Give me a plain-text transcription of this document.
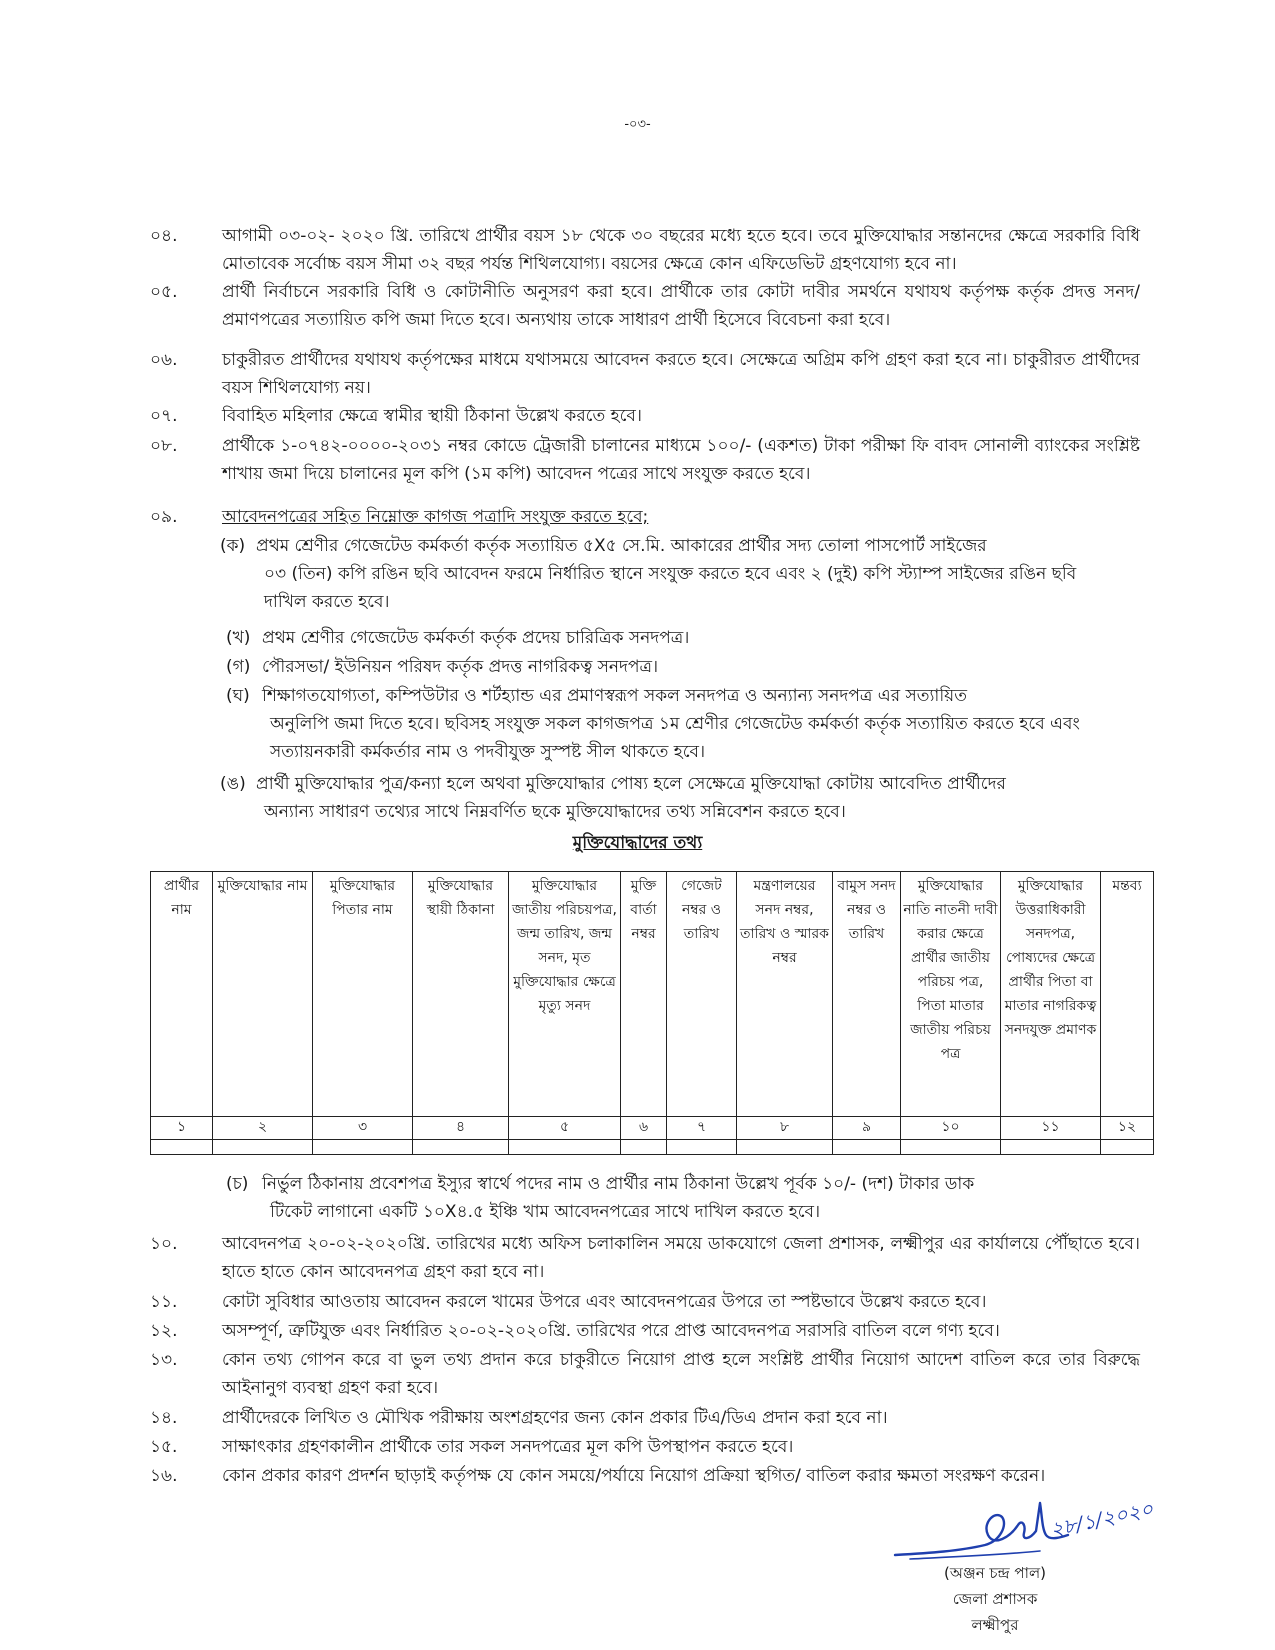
-০৩-
০৪.	আগামী ০৩-০২- ২০২০ খ্রি. তারিখে প্রার্থীর বয়স ১৮ থেকে ৩০ বছরের মধ্যে হতে হবে। তবে মুক্তিযোদ্ধার সন্তানদের ক্ষেত্রে সরকারি বিধি মোতাবেক সর্বোচ্চ বয়স সীমা ৩২ বছর পর্যন্ত শিথিলযোগ্য। বয়সের ক্ষেত্রে কোন এফিডেভিট গ্রহণযোগ্য হবে না।
০৫.	প্রার্থী নির্বাচনে সরকারি বিধি ও কোটানীতি অনুসরণ করা হবে। প্রার্থীকে তার কোটা দাবীর সমর্থনে যথাযথ কর্তৃপক্ষ কর্তৃক প্রদত্ত সনদ/প্রমাণপত্রের সত্যায়িত কপি জমা দিতে হবে। অন্যথায় তাকে সাধারণ প্রার্থী হিসেবে বিবেচনা করা হবে।
০৬.	চাকুরীরত প্রার্থীদের যথাযথ কর্তৃপক্ষের মাধমে যথাসময়ে আবেদন করতে হবে। সেক্ষেত্রে অগ্রিম কপি গ্রহণ করা হবে না। চাকুরীরত প্রার্থীদের বয়স শিথিলযোগ্য নয়।
০৭.	বিবাহিত মহিলার ক্ষেত্রে স্বামীর স্থায়ী ঠিকানা উল্লেখ করতে হবে।
০৮.	প্রার্থীকে ১-০৭৪২-০০০০-২০৩১ নম্বর কোডে ট্রেজারী চালানের মাধ্যমে ১০০/- (একশত) টাকা পরীক্ষা ফি বাবদ সোনালী ব্যাংকের সংশ্লিষ্ট শাখায় জমা দিয়ে চালানের মূল কপি (১ম কপি) আবেদন পত্রের সাথে সংযুক্ত করতে হবে।
০৯.	আবেদনপত্রের সহিত নিম্নোক্ত কাগজ পত্রাদি সংযুক্ত করতে হবে;
(ক) প্রথম শ্রেণীর গেজেটেড কর্মকর্তা কর্তৃক সত্যায়িত ৫X৫ সে.মি. আকারের প্রার্থীর সদ্য তোলা পাসপোর্ট সাইজের
০৩ (তিন) কপি রঙিন ছবি আবেদন ফরমে নির্ধারিত স্থানে সংযুক্ত করতে হবে এবং ২ (দুই) কপি স্ট্যাম্প সাইজের রঙিন ছবি দাখিল করতে হবে।
(খ) প্রথম শ্রেণীর গেজেটেড কর্মকর্তা কর্তৃক প্রদেয় চারিত্রিক সনদপত্র।
(গ) পৌরসভা/ ইউনিয়ন পরিষদ কর্তৃক প্রদত্ত নাগরিকত্ব সনদপত্র।
(ঘ) শিক্ষাগতযোগ্যতা, কম্পিউটার ও শর্টহ্যান্ড এর প্রমাণস্বরূপ সকল সনদপত্র ও অন্যান্য সনদপত্র এর সত্যায়িত
অনুলিপি জমা দিতে হবে। ছবিসহ সংযুক্ত সকল কাগজপত্র ১ম শ্রেণীর গেজেটেড কর্মকর্তা কর্তৃক সত্যায়িত করতে হবে এবং সত্যায়নকারী কর্মকর্তার নাম ও পদবীযুক্ত সুস্পষ্ট সীল থাকতে হবে।
(ঙ) প্রার্থী মুক্তিযোদ্ধার পুত্র/কন্যা হলে অথবা মুক্তিযোদ্ধার পোষ্য হলে সেক্ষেত্রে মুক্তিযোদ্ধা কোটায় আবেদিত প্রার্থীদের
অন্যান্য সাধারণ তথ্যের সাথে নিম্নবর্ণিত ছকে মুক্তিযোদ্ধাদের তথ্য সন্নিবেশন করতে হবে।
মুক্তিযোদ্ধাদের তথ্য
প্রার্থীর নাম	মুক্তিযোদ্ধার নাম	মুক্তিযোদ্ধার পিতার নাম	মুক্তিযোদ্ধার স্থায়ী ঠিকানা	মুক্তিযোদ্ধার জাতীয় পরিচয়পত্র, জন্ম তারিখ, জন্ম সনদ, মৃত মুক্তিযোদ্ধার ক্ষেত্রে মৃত্যু সনদ	মুক্তি বার্তা নম্বর	গেজেট নম্বর ও তারিখ	মন্ত্রণালয়ের সনদ নম্বর, তারিখ ও স্মারক নম্বর	বামুস সনদ নম্বর ও তারিখ	মুক্তিযোদ্ধার নাতি নাতনী দাবী করার ক্ষেত্রে প্রার্থীর জাতীয় পরিচয় পত্র, পিতা মাতার জাতীয় পরিচয় পত্র	মুক্তিযোদ্ধার উত্তরাধিকারী সনদপত্র, পোষ্যদের ক্ষেত্রে প্রার্থীর পিতা বা মাতার নাগরিকত্ব সনদযুক্ত প্রমাণক	মন্তব্য
১	২	৩	৪	৫	৬	৭	৮	৯	১০	১১	১২

(চ) নির্ভুল ঠিকানায় প্রবেশপত্র ইস্যুর স্বার্থে পদের নাম ও প্রার্থীর নাম ঠিকানা উল্লেখ পূর্বক ১০/- (দশ) টাকার ডাক
টিকেট লাগানো একটি ১০X৪.৫ ইঞ্চি খাম আবেদনপত্রের সাথে দাখিল করতে হবে।
১০.	আবেদনপত্র ২০-০২-২০২০খ্রি. তারিখের মধ্যে অফিস চলাকালিন সময়ে ডাকযোগে জেলা প্রশাসক, লক্ষ্মীপুর এর কার্যালয়ে পৌঁছাতে হবে। হাতে হাতে কোন আবেদনপত্র গ্রহণ করা হবে না।
১১.	কোটা সুবিধার আওতায় আবেদন করলে খামের উপরে এবং আবেদনপত্রের উপরে তা স্পষ্টভাবে উল্লেখ করতে হবে।
১২.	অসম্পূর্ণ, ত্রুটিযুক্ত এবং নির্ধারিত ২০-০২-২০২০খ্রি. তারিখের পরে প্রাপ্ত আবেদনপত্র সরাসরি বাতিল বলে গণ্য হবে।
১৩.	কোন তথ্য গোপন করে বা ভুল তথ্য প্রদান করে চাকুরীতে নিয়োগ প্রাপ্ত হলে সংশ্লিষ্ট প্রার্থীর নিয়োগ আদেশ বাতিল করে তার বিরুদ্ধে আইনানুগ ব্যবস্থা গ্রহণ করা হবে।
১৪.	প্রার্থীদেরকে লিখিত ও মৌখিক পরীক্ষায় অংশগ্রহণের জন্য কোন প্রকার টিএ/ডিএ প্রদান করা হবে না।
১৫.	সাক্ষাৎকার গ্রহণকালীন প্রার্থীকে তার সকল সনদপত্রের মূল কপি উপস্থাপন করতে হবে।
১৬.	কোন প্রকার কারণ প্রদর্শন ছাড়াই কর্তৃপক্ষ যে কোন সময়ে/পর্যায়ে নিয়োগ প্রক্রিয়া স্থগিত/ বাতিল করার ক্ষমতা সংরক্ষণ করেন।
২৮/১/২০২০
(অঞ্জন চন্দ্র পাল)
জেলা প্রশাসক
লক্ষ্মীপুর
